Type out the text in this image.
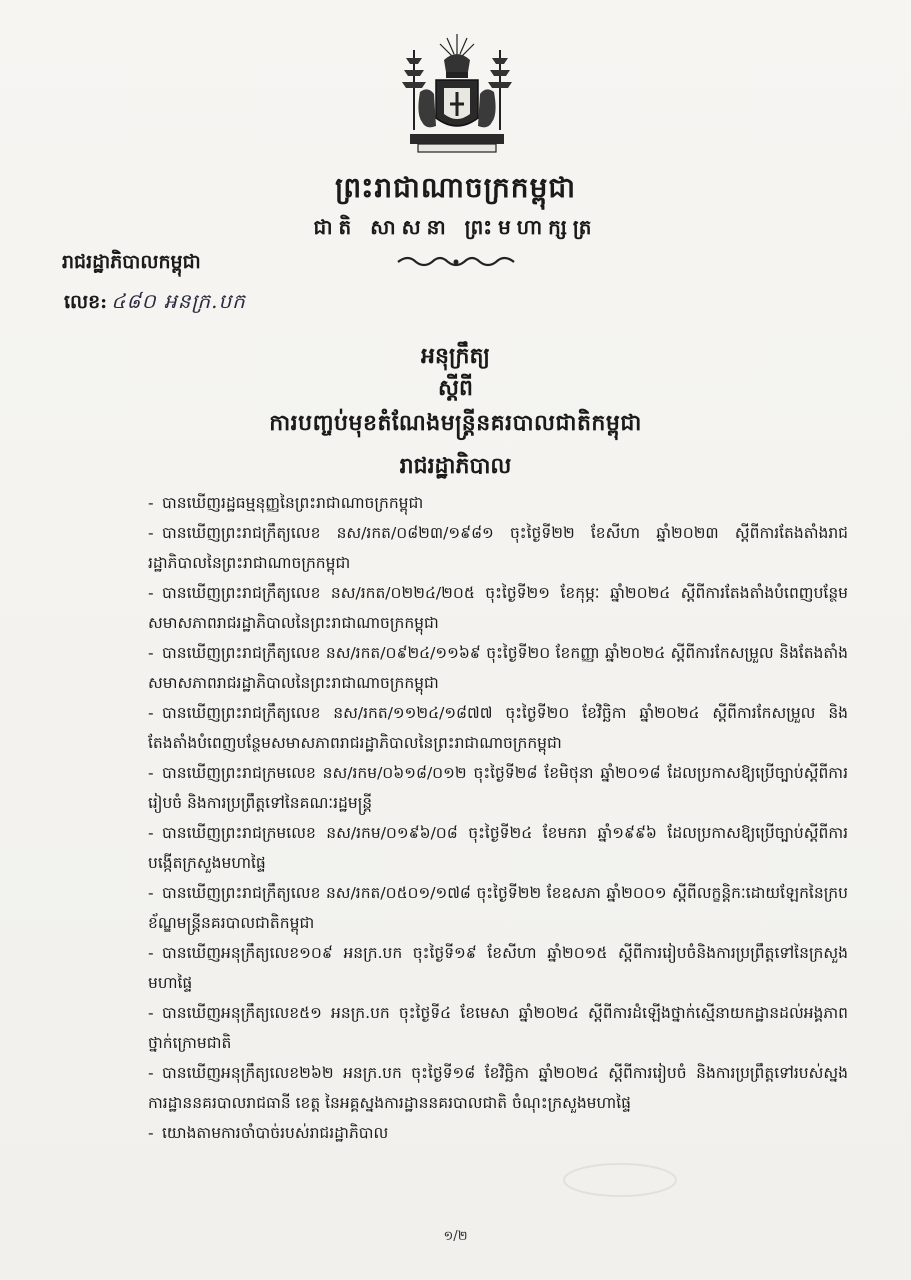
ព្រះរាជាណាចក្រកម្ពុជា
ជាតិ សាសនា ព្រះមហាក្សត្រ
រាជរដ្ឋាភិបាលកម្ពុជា
លេខ: ៤៨០ អនក្រ.បក
អនុក្រឹត្យ
ស្តីពី
ការបញ្ចប់មុខតំណែងមន្ត្រីនគរបាលជាតិកម្ពុជា
រាជរដ្ឋាភិបាល
- បានឃើញរដ្ឋធម្មនុញ្ញនៃព្រះរាជាណាចក្រកម្ពុជា
- បានឃើញព្រះរាជក្រឹត្យលេខ នស/រកត/០៨២៣/១៩៨១ ចុះថ្ងៃទី២២ ខែសីហា ឆ្នាំ២០២៣ ស្តីពីការតែងតាំងរាជរដ្ឋាភិបាលនៃព្រះរាជាណាចក្រកម្ពុជា
- បានឃើញព្រះរាជក្រឹត្យលេខ នស/រកត/០២២៤/២០៥ ចុះថ្ងៃទី២១ ខែកុម្ភៈ ឆ្នាំ២០២៤ ស្តីពីការតែងតាំងបំពេញបន្ថែមសមាសភាពរាជរដ្ឋាភិបាលនៃព្រះរាជាណាចក្រកម្ពុជា
- បានឃើញព្រះរាជក្រឹត្យលេខ នស/រកត/០៩២៤/១១៦៩ ចុះថ្ងៃទី២០ ខែកញ្ញា ឆ្នាំ២០២៤ ស្តីពីការកែសម្រួល និងតែងតាំងសមាសភាពរាជរដ្ឋាភិបាលនៃព្រះរាជាណាចក្រកម្ពុជា
- បានឃើញព្រះរាជក្រឹត្យលេខ នស/រកត/១១២៤/១៨៧៧ ចុះថ្ងៃទី២០ ខែវិច្ឆិកា ឆ្នាំ២០២៤ ស្តីពីការកែសម្រួល និងតែងតាំងបំពេញបន្ថែមសមាសភាពរាជរដ្ឋាភិបាលនៃព្រះរាជាណាចក្រកម្ពុជា
- បានឃើញព្រះរាជក្រមលេខ នស/រកម/០៦១៨/០១២ ចុះថ្ងៃទី២៨ ខែមិថុនា ឆ្នាំ២០១៨ ដែលប្រកាសឱ្យប្រើច្បាប់ស្តីពីការរៀបចំ និងការប្រព្រឹត្តទៅនៃគណៈរដ្ឋមន្ត្រី
- បានឃើញព្រះរាជក្រមលេខ នស/រកម/០១៩៦/០៨ ចុះថ្ងៃទី២៤ ខែមករា ឆ្នាំ១៩៩៦ ដែលប្រកាសឱ្យប្រើច្បាប់ស្តីពីការបង្កើតក្រសួងមហាផ្ទៃ
- បានឃើញព្រះរាជក្រឹត្យលេខ នស/រកត/០៥០១/១៧៨ ចុះថ្ងៃទី២២ ខែឧសភា ឆ្នាំ២០០១ ស្តីពីលក្ខន្តិកៈដោយឡែកនៃក្របខ័ណ្ឌមន្ត្រីនគរបាលជាតិកម្ពុជា
- បានឃើញអនុក្រឹត្យលេខ១០៩ អនក្រ.បក ចុះថ្ងៃទី១៩ ខែសីហា ឆ្នាំ២០១៥ ស្តីពីការរៀបចំនិងការប្រព្រឹត្តទៅនៃក្រសួងមហាផ្ទៃ
- បានឃើញអនុក្រឹត្យលេខ៥១ អនក្រ.បក ចុះថ្ងៃទី៤ ខែមេសា ឆ្នាំ២០២៤ ស្តីពីការដំឡើងថ្នាក់ស្មើនាយកដ្ឋានដល់អង្គភាពថ្នាក់ក្រោមជាតិ
- បានឃើញអនុក្រឹត្យលេខ២៦២ អនក្រ.បក ចុះថ្ងៃទី១៨ ខែវិច្ឆិកា ឆ្នាំ២០២៤ ស្តីពីការរៀបចំ និងការប្រព្រឹត្តទៅរបស់ស្នងការដ្ឋាននគរបាលរាជធានី ខេត្ត នៃអគ្គស្នងការដ្ឋាននគរបាលជាតិ ចំណុះក្រសួងមហាផ្ទៃ
- យោងតាមការចាំបាច់របស់រាជរដ្ឋាភិបាល
១/២
